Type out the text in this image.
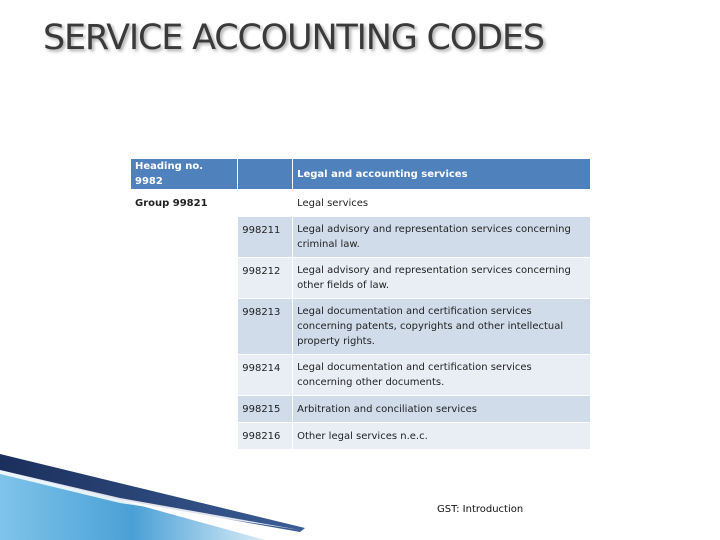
SERVICE ACCOUNTING CODES
Heading no. 9982		Legal and accounting services
Group 99821		Legal services
	998211	Legal advisory and representation services concerning criminal law.
	998212	Legal advisory and representation services concerning other fields of law.
	998213	Legal documentation and certification services concerning patents, copyrights and other intellectual property rights.
	998214	Legal documentation and certification services concerning other documents.
	998215	Arbitration and conciliation services
	998216	Other legal services n.e.c.
GST: Introduction
